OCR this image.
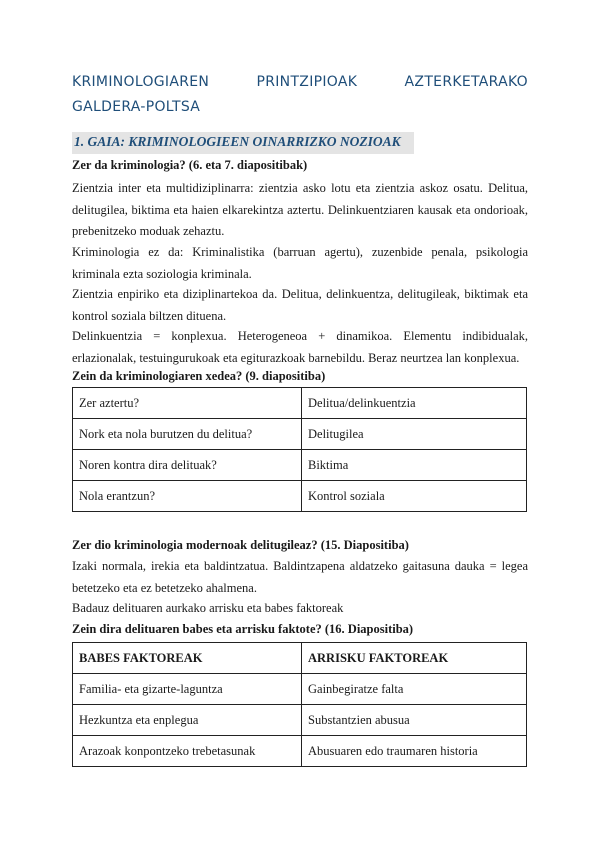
KRIMINOLOGIAREN PRINTZIPIOAK AZTERKETARAKO
GALDERA-POLTSA
1. GAIA: KRIMINOLOGIEEN OINARRIZKO NOZIOAK
Zer da kriminologia? (6. eta 7. diapositibak)
Zientzia inter eta multidiziplinarra: zientzia asko lotu eta zientzia askoz osatu. Delitua, delitugilea, biktima eta haien elkarekintza aztertu. Delinkuentziaren kausak eta ondorioak, prebenitzeko moduak zehaztu.
Kriminologia ez da: Kriminalistika (barruan agertu), zuzenbide penala, psikologia kriminala ezta soziologia kriminala.
Zientzia enpiriko eta diziplinartekoa da. Delitua, delinkuentza, delitugileak, biktimak eta kontrol soziala biltzen dituena.
Delinkuentzia = konplexua. Heterogeneoa + dinamikoa. Elementu indibidualak, erlazionalak, testuingurukoak eta egiturazkoak barnebildu. Beraz neurtzea lan konplexua.
Zein da kriminologiaren xedea? (9. diapositiba)
Zer aztertu?	Delitua/delinkuentzia
Nork eta nola burutzen du delitua?	Delitugilea
Noren kontra dira delituak?	Biktima
Nola erantzun?	Kontrol soziala
Zer dio kriminologia modernoak delitugileaz? (15. Diapositiba)
Izaki normala, irekia eta baldintzatua. Baldintzapena aldatzeko gaitasuna dauka = legea betetzeko eta ez betetzeko ahalmena.
Badauz delituaren aurkako arrisku eta babes faktoreak
Zein dira delituaren babes eta arrisku faktote? (16. Diapositiba)
BABES FAKTOREAK	ARRISKU FAKTOREAK
Familia- eta gizarte-laguntza	Gainbegiratze falta
Hezkuntza eta enplegua	Substantzien abusua
Arazoak konpontzeko trebetasunak	Abusuaren edo traumaren historia
